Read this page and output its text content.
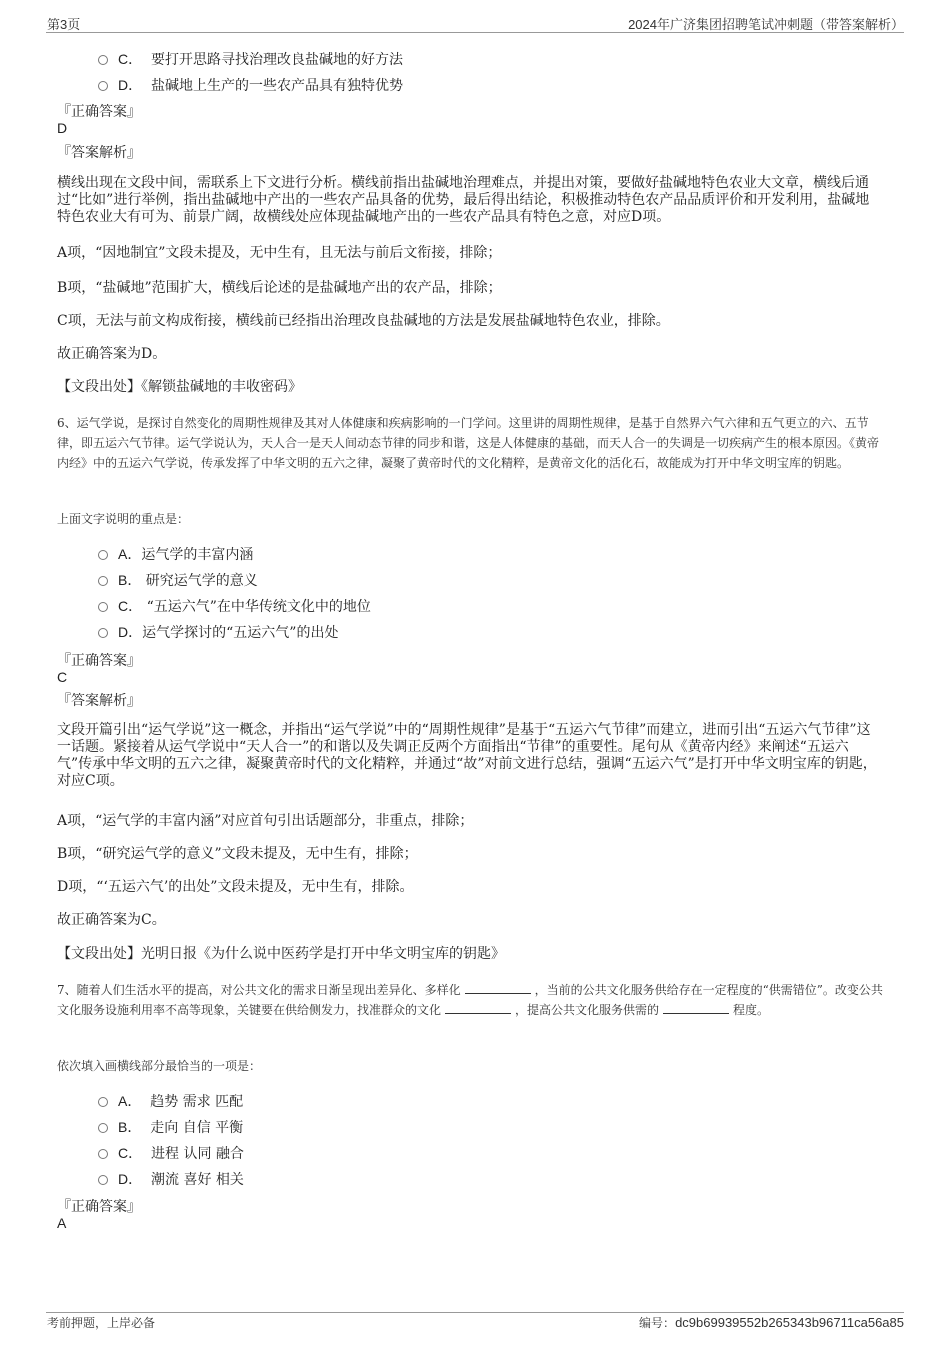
第3页	2024年广济集团招聘笔试冲刺题（带答案解析）
C． 要打开思路寻找治理改良盐碱地的好方法
D． 盐碱地上生产的一些农产品具有独特优势
『正确答案』
D
『答案解析』
横线出现在文段中间，需联系上下文进行分析。横线前指出盐碱地治理难点，并提出对策，要做好盐碱地特色农业大文章，横线后通过“比如”进行举例，指出盐碱地中产出的一些农产品具备的优势，最后得出结论，积极推动特色农产品品质评价和开发利用，盐碱地特色农业大有可为、前景广阔，故横线处应体现盐碱地产出的一些农产品具有特色之意，对应D项。
A项，“因地制宜”文段未提及，无中生有，且无法与前后文衔接，排除；
B项，“盐碱地”范围扩大，横线后论述的是盐碱地产出的农产品，排除；
C项，无法与前文构成衔接，横线前已经指出治理改良盐碱地的方法是发展盐碱地特色农业，排除。
故正确答案为D。
【文段出处】《解锁盐碱地的丰收密码》
6、运气学说，是探讨自然变化的周期性规律及其对人体健康和疾病影响的一门学问。这里讲的周期性规律，是基于自然界六气六律和五气更立的六、五节律，即五运六气节律。运气学说认为，天人合一是天人间动态节律的同步和谐，这是人体健康的基础，而天人合一的失调是一切疾病产生的根本原因。《黄帝内经》中的五运六气学说，传承发挥了中华文明的五六之律，凝聚了黄帝时代的文化精粹，是黄帝文化的活化石，故能成为打开中华文明宝库的钥匙。
上面文字说明的重点是：
A．运气学的丰富内涵
B． 研究运气学的意义
C． “五运六气”在中华传统文化中的地位
D．运气学探讨的“五运六气”的出处
『正确答案』
C
『答案解析』
文段开篇引出“运气学说”这一概念，并指出“运气学说”中的“周期性规律”是基于“五运六气节律”而建立，进而引出“五运六气节律”这一话题。紧接着从运气学说中“天人合一”的和谐以及失调正反两个方面指出“节律”的重要性。尾句从《黄帝内经》来阐述“五运六气”传承中华文明的五六之律，凝聚黄帝时代的文化精粹，并通过“故”对前文进行总结，强调“五运六气”是打开中华文明宝库的钥匙，对应C项。
A项，“运气学的丰富内涵”对应首句引出话题部分，非重点，排除；
B项，“研究运气学的意义”文段未提及，无中生有，排除；
D项，“‘五运六气’的出处”文段未提及，无中生有，排除。
故正确答案为C。
【文段出处】光明日报《为什么说中医药学是打开中华文明宝库的钥匙》
7、随着人们生活水平的提高，对公共文化的需求日渐呈现出差异化、多样化	，当前的公共文化服务供给存在一定程度的“供需错位”。改变公共文化服务设施利用率不高等现象，关键要在供给侧发力，找准群众的文化	，提高公共文化服务供需的	程度。
依次填入画横线部分最恰当的一项是：
A． 趋势 需求 匹配
B． 走向 自信 平衡
C． 进程 认同 融合
D． 潮流 喜好 相关
『正确答案』
A
考前押题，上岸必备	编号：dc9b69939552b265343b96711ca56a85
